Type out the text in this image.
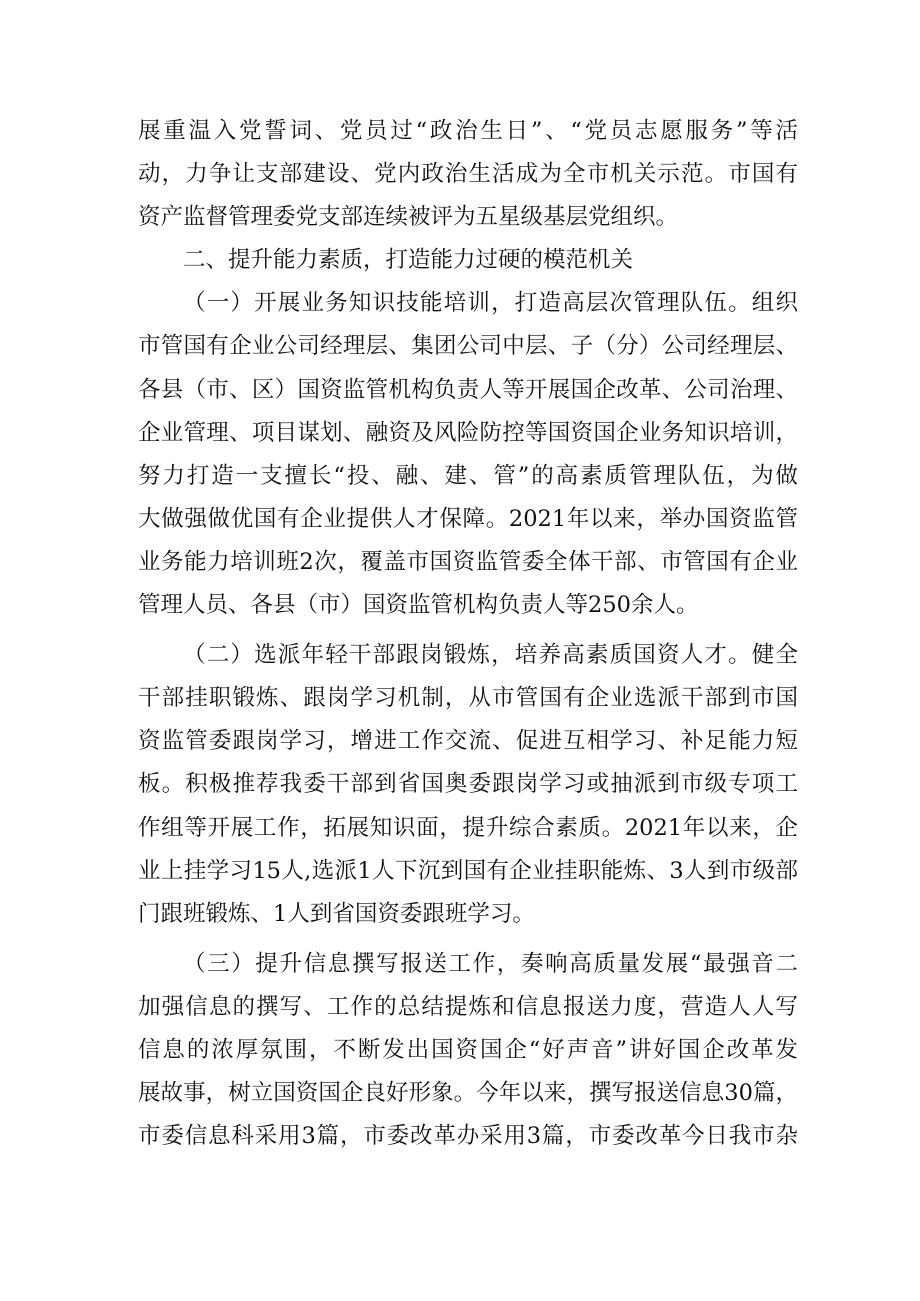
展重温入党誓词、党员过“政治生日”、“党员志愿服务”等活
动，力争让支部建设、党内政治生活成为全市机关示范。市国有
资产监督管理委党支部连续被评为五星级基层党组织。
二、提升能力素质，打造能力过硬的模范机关
（一）开展业务知识技能培训，打造高层次管理队伍。组织
市管国有企业公司经理层、集团公司中层、子（分）公司经理层、
各县（市、区）国资监管机构负责人等开展国企改革、公司治理、
企业管理、项目谋划、融资及风险防控等国资国企业务知识培训，
努力打造一支擅长“投、融、建、管”的高素质管理队伍，为做
大做强做优国有企业提供人才保障。2021年以来，举办国资监管
业务能力培训班2次，覆盖市国资监管委全体干部、市管国有企业
管理人员、各县（市）国资监管机构负责人等250余人。
（二）选派年轻干部跟岗锻炼，培养高素质国资人才。健全
干部挂职锻炼、跟岗学习机制，从市管国有企业选派干部到市国
资监管委跟岗学习，增进工作交流、促进互相学习、补足能力短
板。积极推荐我委干部到省国奥委跟岗学习或抽派到市级专项工
作组等开展工作，拓展知识面，提升综合素质。2021年以来，企
业上挂学习15人,选派1人下沉到国有企业挂职能炼、3人到市级部
门跟班锻炼、1人到省国资委跟班学习。
（三）提升信息撰写报送工作，奏响高质量发展“最强音二
加强信息的撰写、工作的总结提炼和信息报送力度，营造人人写
信息的浓厚氛围，不断发出国资国企“好声音”讲好国企改革发
展故事，树立国资国企良好形象。今年以来，撰写报送信息30篇，
市委信息科采用3篇，市委改革办采用3篇，市委改革今日我市杂
